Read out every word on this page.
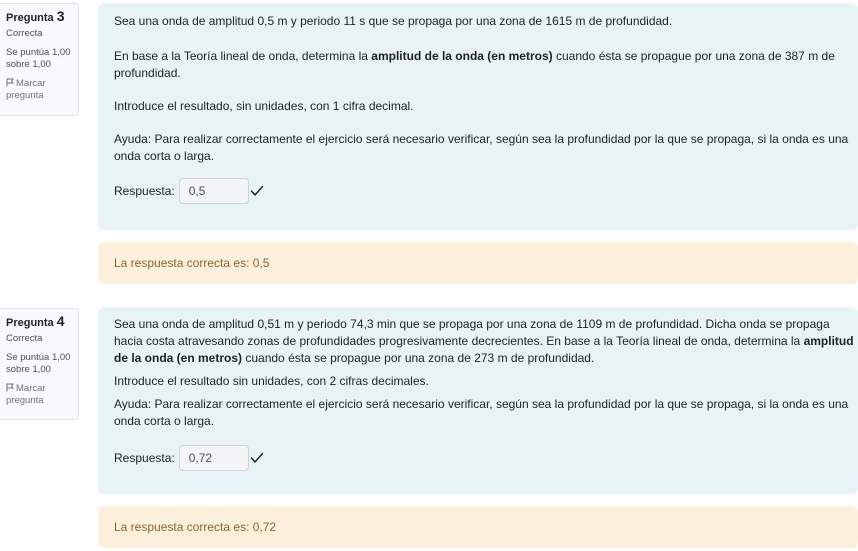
Pregunta 3
Correcta
Se puntúa 1,00
sobre 1,00
Marcar
pregunta

Sea una onda de amplitud 0,5 m y periodo 11 s que se propaga por una zona de 1615 m de profundidad.

En base a la Teoría lineal de onda, determina la amplitud de la onda (en metros) cuando ésta se propague por una zona de 387 m de profundidad.

Introduce el resultado, sin unidades, con 1 cifra decimal.

Ayuda: Para realizar correctamente el ejercicio será necesario verificar, según sea la profundidad por la que se propaga, si la onda es una onda corta o larga.

Respuesta:	0,5
La respuesta correcta es: 0,5
Pregunta 4
Correcta
Se puntúa 1,00
sobre 1,00
Marcar
pregunta

Sea una onda de amplitud 0,51 m y periodo 74,3 min que se propaga por una zona de 1109 m de profundidad. Dicha onda se propaga hacia costa atravesando zonas de profundidades progresivamente decrecientes. En base a la Teoría lineal de onda, determina la amplitud de la onda (en metros) cuando ésta se propague por una zona de 273 m de profundidad.

Introduce el resultado sin unidades, con 2 cifras decimales.

Ayuda: Para realizar correctamente el ejercicio será necesario verificar, según sea la profundidad por la que se propaga, si la onda es una onda corta o larga.

Respuesta:	0,72
La respuesta correcta es: 0,72
